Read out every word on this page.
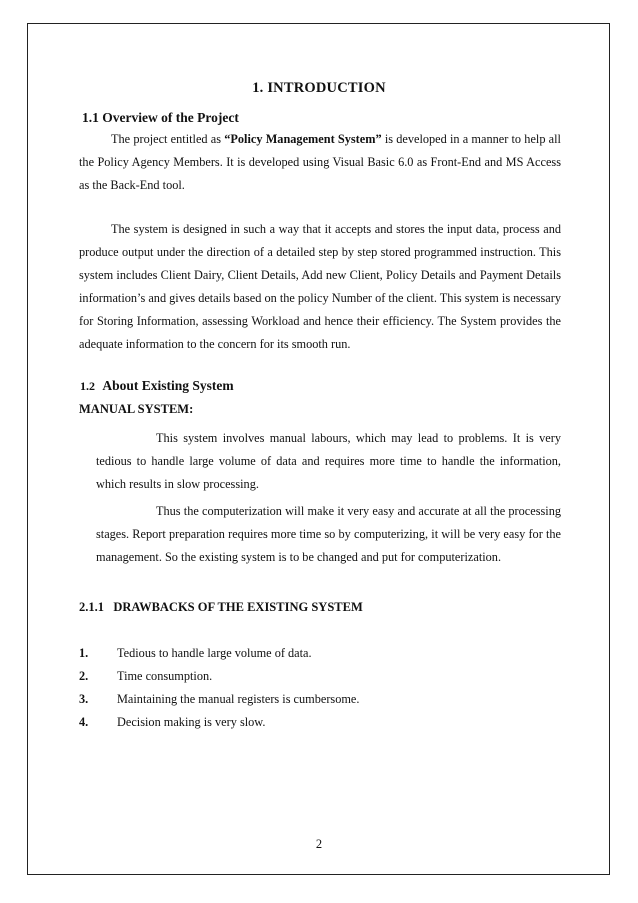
1. INTRODUCTION
1.1 Overview of the Project
The project entitled as “Policy Management System” is developed in a manner to help all the Policy Agency Members. It is developed using Visual Basic 6.0 as Front-End and MS Access as the Back-End tool.
The system is designed in such a way that it accepts and stores the input data, process and produce output under the direction of a detailed step by step stored programmed instruction. This system includes Client Dairy, Client Details, Add new Client, Policy Details and Payment Details information’s and gives details based on the policy Number of the client. This system is necessary for Storing Information, assessing Workload and hence their efficiency. The System provides the adequate information to the concern for its smooth run.
1.2 About Existing System
MANUAL SYSTEM:
This system involves manual labours, which may lead to problems. It is very tedious to handle large volume of data and requires more time to handle the information, which results in slow processing.
Thus the computerization will make it very easy and accurate at all the processing stages. Report preparation requires more time so by computerizing, it will be very easy for the management. So the existing system is to be changed and put for computerization.
2.1.1   DRAWBACKS OF THE EXISTING SYSTEM
1. Tedious to handle large volume of data.
2. Time consumption.
3. Maintaining the manual registers is cumbersome.
4. Decision making is very slow.
2
